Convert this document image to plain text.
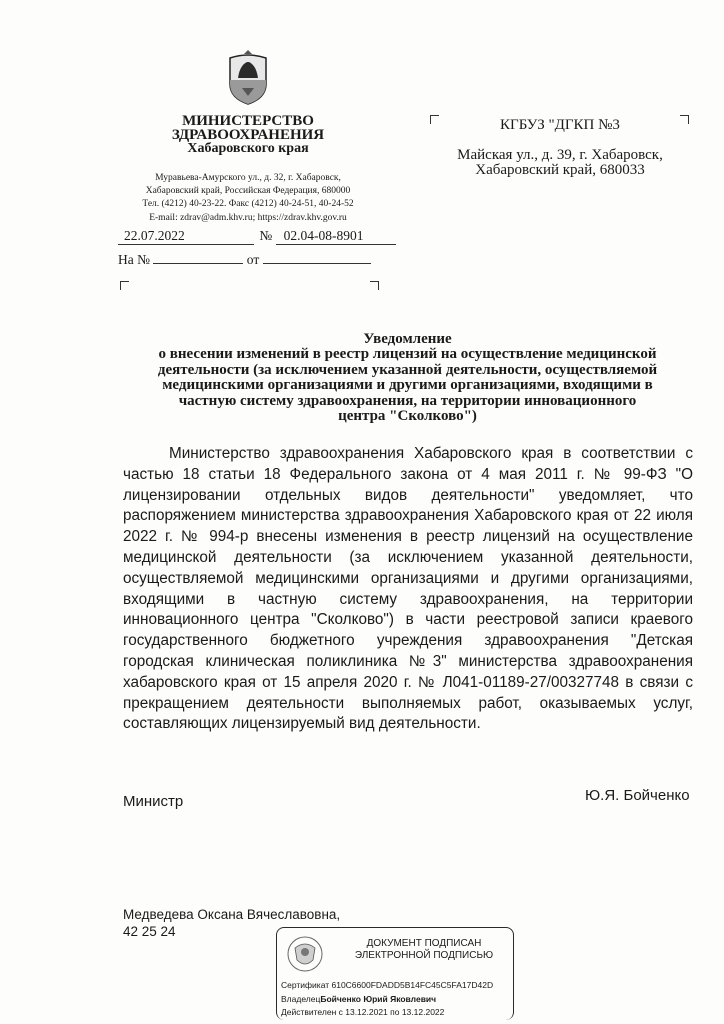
МИНИСТЕРСТВО
ЗДРАВООХРАНЕНИЯ
Хабаровского края
Муравьева-Амурского ул., д. 32, г. Хабаровск,
Хабаровский край, Российская Федерация, 680000
Тел. (4212) 40-23-22. Факс (4212) 40-24-51, 40-24-52
E-mail: zdrav@adm.khv.ru; https://zdrav.khv.gov.ru
22.07.2022	№ 02.04-08-8901
На №	от
КГБУЗ "ДГКП №3
Майская ул., д. 39, г. Хабаровск,
Хабаровский край, 680033
Уведомление
о внесении изменений в реестр лицензий на осуществление медицинской
деятельности (за исключением указанной деятельности, осуществляемой
медицинскими организациями и другими организациями, входящими в
частную систему здравоохранения, на территории инновационного
центра "Сколково")

Министерство здравоохранения Хабаровского края в соответствии с частью 18 статьи 18 Федерального закона от 4 мая 2011 г. № 99-ФЗ "О лицензировании отдельных видов деятельности" уведомляет, что распоряжением министерства здравоохранения Хабаровского края от 22 июля 2022 г. № 994-р внесены изменения в реестр лицензий на осуществление медицинской деятельности (за исключением указанной деятельности, осуществляемой медицинскими организациями и другими организациями, входящими в частную систему здравоохранения, на территории инновационного центра "Сколково") в части реестровой записи краевого государственного бюджетного учреждения здравоохранения "Детская городская клиническая поликлиника №3" министерства здравоохранения хабаровского края от 15 апреля 2020 г. № Л041-01189-27/00327748 в связи с прекращением деятельности выполняемых работ, оказываемых услуг, составляющих лицензируемый вид деятельности.

Министр	Ю.Я. Бойченко
Медведева Оксана Вячеславовна,
42 25 24
ДОКУМЕНТ ПОДПИСАН
ЭЛЕКТРОННОЙ ПОДПИСЬЮ
Сертификат 610C6600FDADD5B14FC45C5FA17D42D
ВладелецБойченко Юрий Яковлевич
Действителен с 13.12.2021 по 13.12.2022
